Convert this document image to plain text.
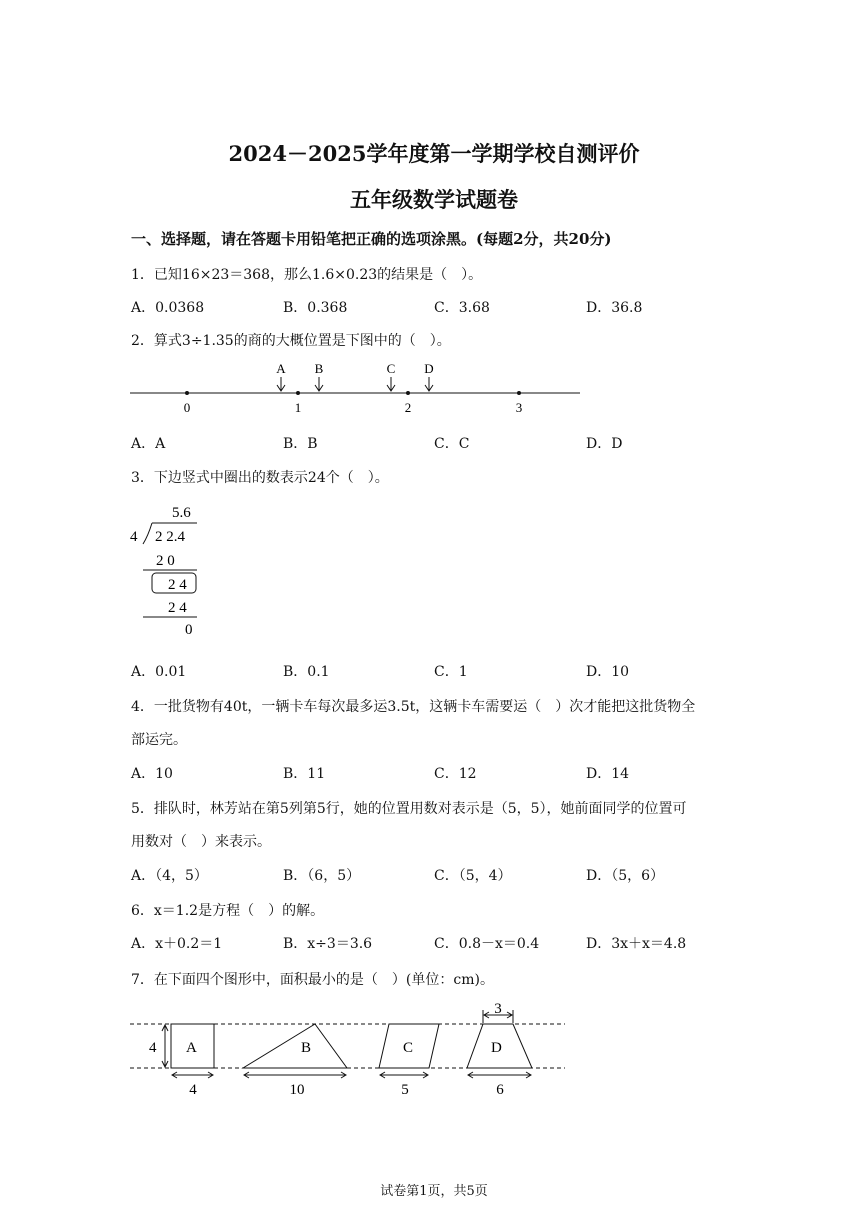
2024－2025学年度第一学期学校自测评价
五年级数学试题卷
一、选择题，请在答题卡用铅笔把正确的选项涂黑。(每题2分，共20分)
1．已知16×23＝368，那么1.6×0.23的结果是（　）。
A．0.0368	B．0.368	C．3.68	D．36.8
2．算式3÷1.35的商的大概位置是下图中的（　）。
0	1	2	3
A B	C D
A．A	B．B	C．C	D．D
3．下边竖式中圈出的数表示24个（　）。
5.6
4 2 2.4
2 0
2 4
2 4
0
A．0.01	B．0.1	C．1	D．10
4．一批货物有40t，一辆卡车每次最多运3.5t，这辆卡车需要运（　）次才能把这批货物全
部运完。
A．10	B．11	C．12	D．14
5．排队时，林芳站在第5列第5行，她的位置用数对表示是（5，5），她前面同学的位置可
用数对（　）来表示。
A．（4，5）	B．（6，5）	C．（5，4）	D．（5，6）
6．x＝1.2是方程（　）的解。
A．x＋0.2＝1	B．x÷3＝3.6	C．0.8－x＝0.4	D．3x＋x＝4.8
7．在下面四个图形中，面积最小的是（　）(单位：cm)。
4 A	B	C	D
3
4	10	5	6
试卷第1页，共5页
